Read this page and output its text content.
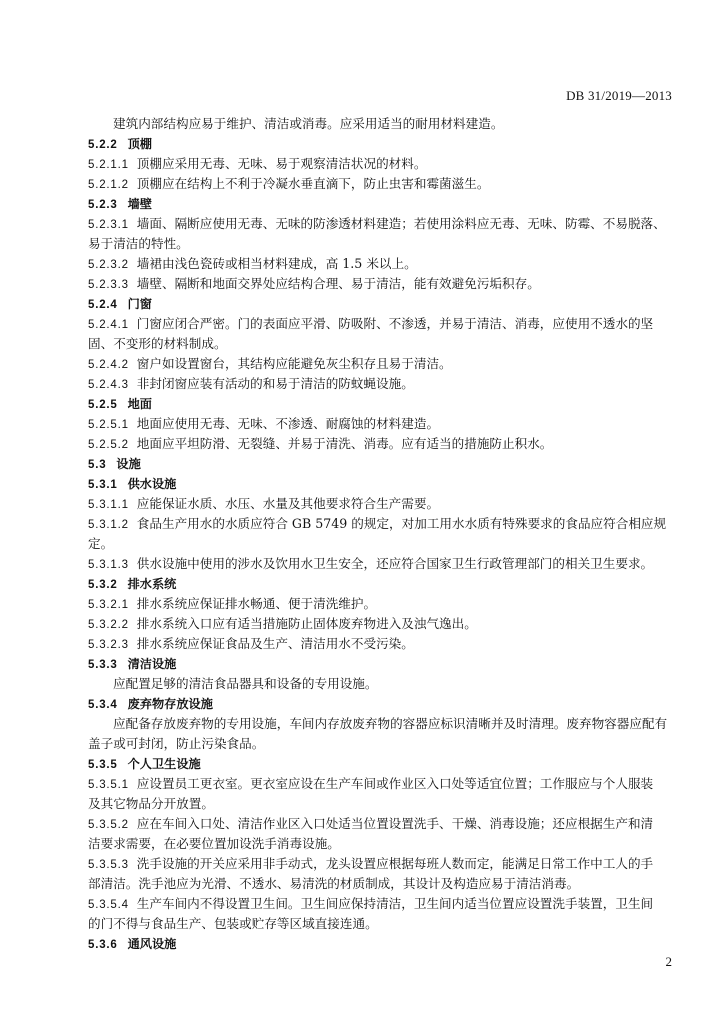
DB 31/2019—2013
建筑内部结构应易于维护、清洁或消毒。应采用适当的耐用材料建造。
5.2.2 顶棚
5.2.1.1 顶棚应采用无毒、无味、易于观察清洁状况的材料。
5.2.1.2 顶棚应在结构上不利于冷凝水垂直滴下，防止虫害和霉菌滋生。
5.2.3 墙壁
5.2.3.1 墙面、隔断应使用无毒、无味的防渗透材料建造；若使用涂料应无毒、无味、防霉、不易脱落、
易于清洁的特性。
5.2.3.2 墙裙由浅色瓷砖或相当材料建成，高 1.5 米以上。
5.2.3.3 墙壁、隔断和地面交界处应结构合理、易于清洁，能有效避免污垢积存。
5.2.4 门窗
5.2.4.1 门窗应闭合严密。门的表面应平滑、防吸附、不渗透，并易于清洁、消毒，应使用不透水的坚
固、不变形的材料制成。
5.2.4.2 窗户如设置窗台，其结构应能避免灰尘积存且易于清洁。
5.2.4.3 非封闭窗应装有活动的和易于清洁的防蚊蝇设施。
5.2.5 地面
5.2.5.1 地面应使用无毒、无味、不渗透、耐腐蚀的材料建造。
5.2.5.2 地面应平坦防滑、无裂缝、并易于清洗、消毒。应有适当的措施防止积水。
5.3 设施
5.3.1 供水设施
5.3.1.1 应能保证水质、水压、水量及其他要求符合生产需要。
5.3.1.2 食品生产用水的水质应符合 GB 5749 的规定，对加工用水水质有特殊要求的食品应符合相应规
定。
5.3.1.3 供水设施中使用的涉水及饮用水卫生安全，还应符合国家卫生行政管理部门的相关卫生要求。
5.3.2 排水系统
5.3.2.1 排水系统应保证排水畅通、便于清洗维护。
5.3.2.2 排水系统入口应有适当措施防止固体废弃物进入及浊气逸出。
5.3.2.3 排水系统应保证食品及生产、清洁用水不受污染。
5.3.3 清洁设施
应配置足够的清洁食品器具和设备的专用设施。
5.3.4 废弃物存放设施
应配备存放废弃物的专用设施，车间内存放废弃物的容器应标识清晰并及时清理。废弃物容器应配有
盖子或可封闭，防止污染食品。
5.3.5 个人卫生设施
5.3.5.1 应设置员工更衣室。更衣室应设在生产车间或作业区入口处等适宜位置；工作服应与个人服装
及其它物品分开放置。
5.3.5.2 应在车间入口处、清洁作业区入口处适当位置设置洗手、干燥、消毒设施；还应根据生产和清
洁要求需要，在必要位置加设洗手消毒设施。
5.3.5.3 洗手设施的开关应采用非手动式，龙头设置应根据每班人数而定，能满足日常工作中工人的手
部清洁。洗手池应为光滑、不透水、易清洗的材质制成，其设计及构造应易于清洁消毒。
5.3.5.4 生产车间内不得设置卫生间。卫生间应保持清洁，卫生间内适当位置应设置洗手装置，卫生间
的门不得与食品生产、包装或贮存等区域直接连通。
5.3.6 通风设施
2
